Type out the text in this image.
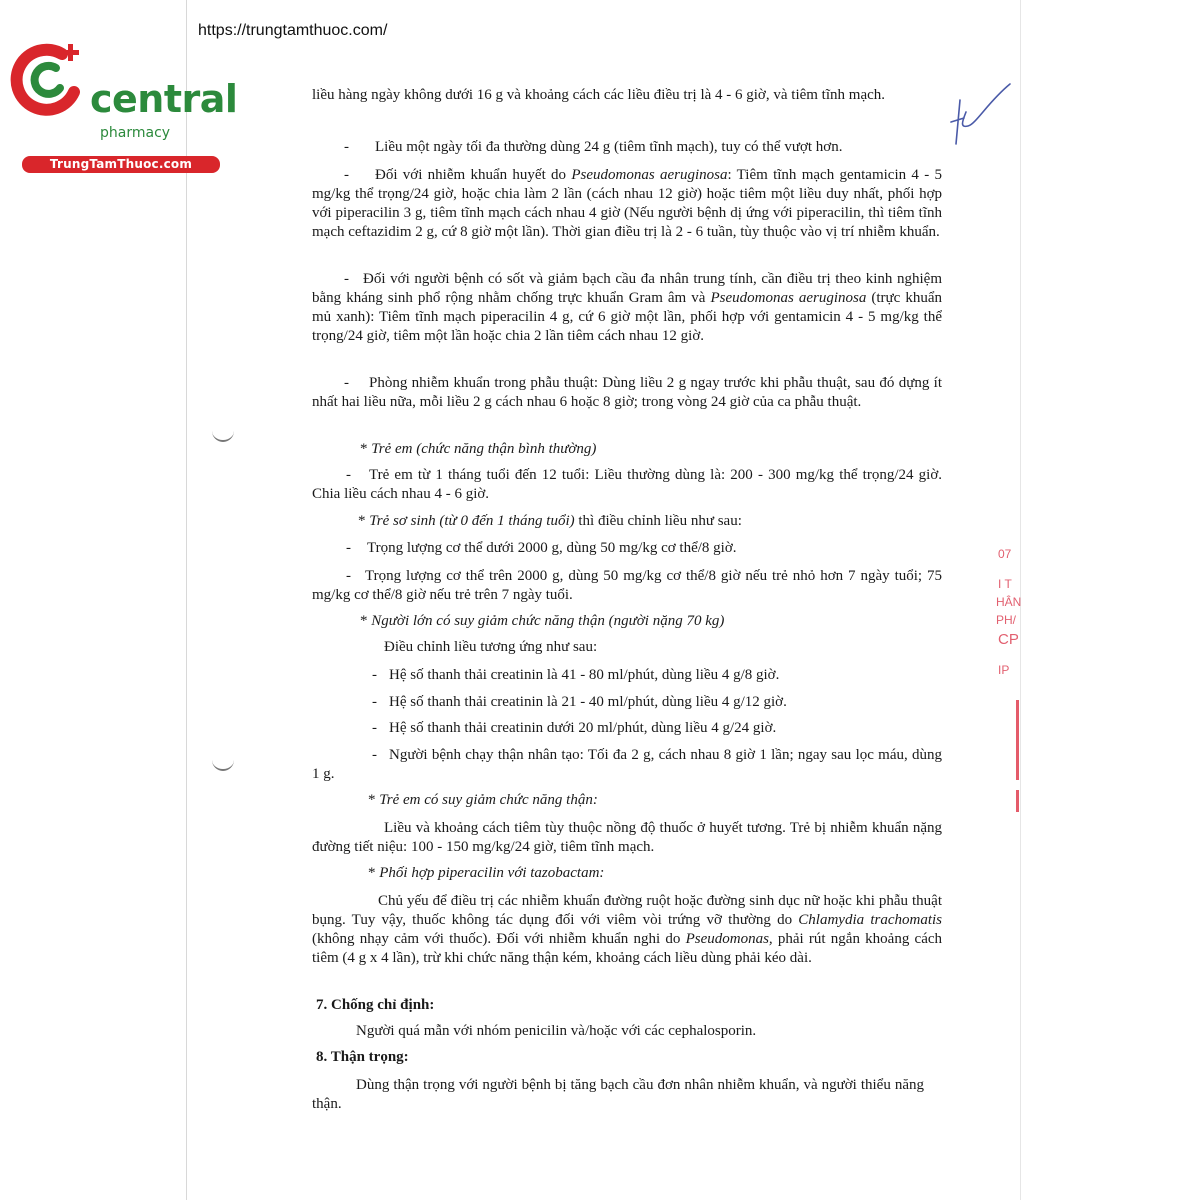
central
pharmacy
TrungTamThuoc.com
https://trungtamthuoc.com/
07
I T
HÂN
PH/
CP
IP

liều hàng ngày không dưới 16 g và khoảng cách các liều điều trị là 4 - 6 giờ, và tiêm tĩnh mạch.

- Liều một ngày tối đa thường dùng 24 g (tiêm tĩnh mạch), tuy có thể vượt hơn.

- Đối với nhiễm khuẩn huyết do Pseudomonas aeruginosa: Tiêm tĩnh mạch gentamicin 4 - 5 mg/kg thể trọng/24 giờ, hoặc chia làm 2 lần (cách nhau 12 giờ) hoặc tiêm một liều duy nhất, phối hợp với piperacilin 3 g, tiêm tĩnh mạch cách nhau 4 giờ (Nếu người bệnh dị ứng với piperacilin, thì tiêm tĩnh mạch ceftazidim 2 g, cứ 8 giờ một lần). Thời gian điều trị là 2 - 6 tuần, tùy thuộc vào vị trí nhiễm khuẩn.

- Đối với người bệnh có sốt và giảm bạch cầu đa nhân trung tính, cần điều trị theo kinh nghiệm bằng kháng sinh phổ rộng nhằm chống trực khuẩn Gram âm và Pseudomonas aeruginosa (trực khuẩn mủ xanh): Tiêm tĩnh mạch piperacilin 4 g, cứ 6 giờ một lần, phối hợp với gentamicin 4 - 5 mg/kg thể trọng/24 giờ, tiêm một lần hoặc chia 2 lần tiêm cách nhau 12 giờ.

- Phòng nhiễm khuẩn trong phẫu thuật: Dùng liều 2 g ngay trước khi phẫu thuật, sau đó dựng ít nhất hai liều nữa, mỗi liều 2 g cách nhau 6 hoặc 8 giờ; trong vòng 24 giờ của ca phẫu thuật.

* Trẻ em (chức năng thận bình thường)

- Trẻ em từ 1 tháng tuổi đến 12 tuổi: Liều thường dùng là: 200 - 300 mg/kg thể trọng/24 giờ. Chia liều cách nhau 4 - 6 giờ.

* Trẻ sơ sinh (từ 0 đến 1 tháng tuổi) thì điều chỉnh liều như sau:

- Trọng lượng cơ thể dưới 2000 g, dùng 50 mg/kg cơ thể/8 giờ.

- Trọng lượng cơ thể trên 2000 g, dùng 50 mg/kg cơ thể/8 giờ nếu trẻ nhỏ hơn 7 ngày tuổi; 75 mg/kg cơ thể/8 giờ nếu trẻ trên 7 ngày tuổi.

* Người lớn có suy giảm chức năng thận (người nặng 70 kg)

Điều chỉnh liều tương ứng như sau:

- Hệ số thanh thải creatinin là 41 - 80 ml/phút, dùng liều 4 g/8 giờ.

- Hệ số thanh thải creatinin là 21 - 40 ml/phút, dùng liều 4 g/12 giờ.

- Hệ số thanh thải creatinin dưới 20 ml/phút, dùng liều 4 g/24 giờ.

- Người bệnh chạy thận nhân tạo: Tối đa 2 g, cách nhau 8 giờ 1 lần; ngay sau lọc máu, dùng 1 g.

* Trẻ em có suy giảm chức năng thận:

Liều và khoảng cách tiêm tùy thuộc nồng độ thuốc ở huyết tương. Trẻ bị nhiễm khuẩn nặng đường tiết niệu: 100 - 150 mg/kg/24 giờ, tiêm tĩnh mạch.

* Phối hợp piperacilin với tazobactam:

Chủ yếu để điều trị các nhiễm khuẩn đường ruột hoặc đường sinh dục nữ hoặc khi phẫu thuật bụng. Tuy vậy, thuốc không tác dụng đối với viêm vòi trứng vỡ thường do Chlamydia trachomatis (không nhạy cảm với thuốc). Đối với nhiễm khuẩn nghi do Pseudomonas, phải rút ngắn khoảng cách tiêm (4 g x 4 lần), trừ khi chức năng thận kém, khoảng cách liều dùng phải kéo dài.

7. Chống chỉ định:

Người quá mẫn với nhóm penicilin và/hoặc với các cephalosporin.

8. Thận trọng:

Dùng thận trọng với người bệnh bị tăng bạch cầu đơn nhân nhiễm khuẩn, và người thiểu năng thận.
